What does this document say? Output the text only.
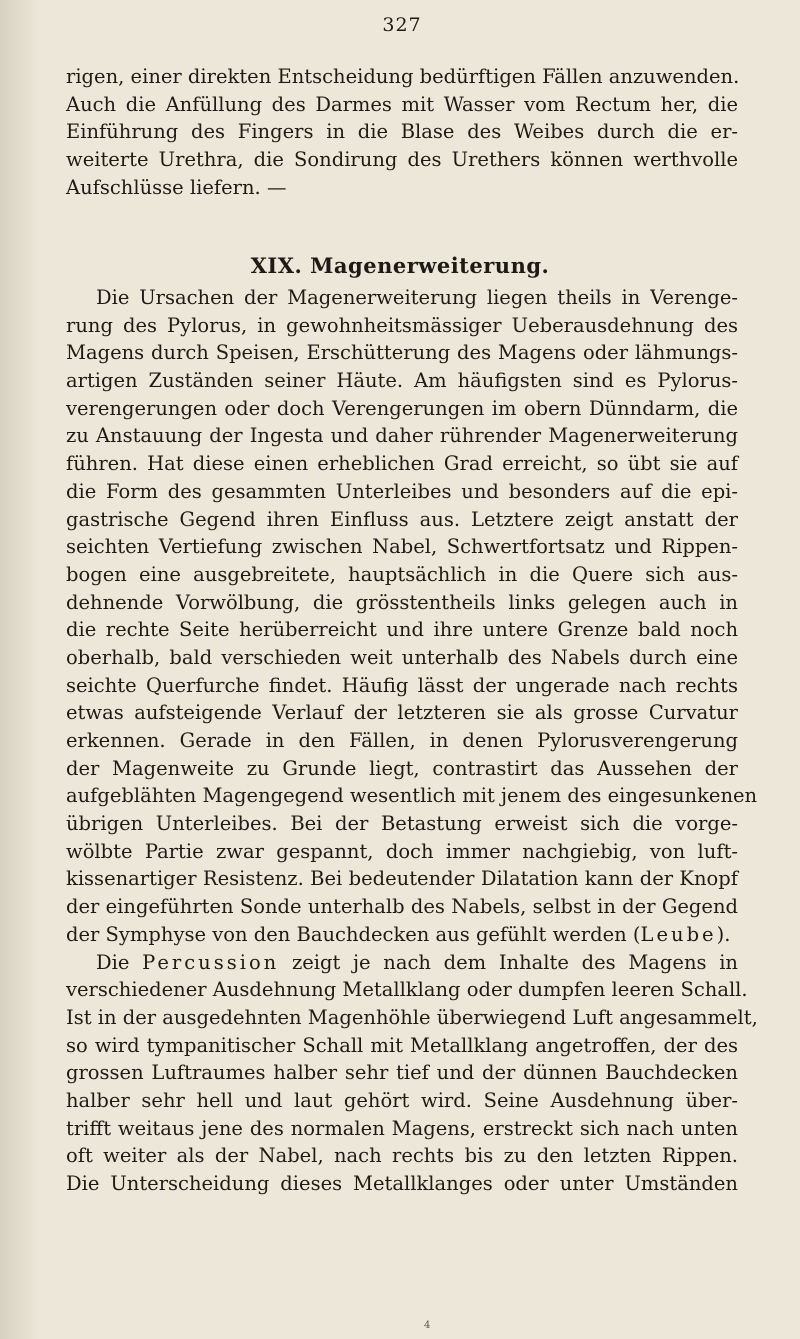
327
rigen, einer direkten Entscheidung bedürftigen Fällen anzuwenden.
Auch die Anfüllung des Darmes mit Wasser vom Rectum her, die
Einführung des Fingers in die Blase des Weibes durch die er-
weiterte Urethra, die Sondirung des Urethers können werthvolle
Aufschlüsse liefern. —
XIX. Magenerweiterung.
Die Ursachen der Magenerweiterung liegen theils in Verenge-
rung des Pylorus, in gewohnheitsmässiger Ueberausdehnung des
Magens durch Speisen, Erschütterung des Magens oder lähmungs-
artigen Zuständen seiner Häute. Am häufigsten sind es Pylorus-
verengerungen oder doch Verengerungen im obern Dünndarm, die
zu Anstauung der Ingesta und daher rührender Magenerweiterung
führen. Hat diese einen erheblichen Grad erreicht, so übt sie auf
die Form des gesammten Unterleibes und besonders auf die epi-
gastrische Gegend ihren Einfluss aus. Letztere zeigt anstatt der
seichten Vertiefung zwischen Nabel, Schwertfortsatz und Rippen-
bogen eine ausgebreitete, hauptsächlich in die Quere sich aus-
dehnende Vorwölbung, die grösstentheils links gelegen auch in
die rechte Seite herüberreicht und ihre untere Grenze bald noch
oberhalb, bald verschieden weit unterhalb des Nabels durch eine
seichte Querfurche findet. Häufig lässt der ungerade nach rechts
etwas aufsteigende Verlauf der letzteren sie als grosse Curvatur
erkennen. Gerade in den Fällen, in denen Pylorusverengerung
der Magenweite zu Grunde liegt, contrastirt das Aussehen der
aufgeblähten Magengegend wesentlich mit jenem des eingesunkenen
übrigen Unterleibes. Bei der Betastung erweist sich die vorge-
wölbte Partie zwar gespannt, doch immer nachgiebig, von luft-
kissenartiger Resistenz. Bei bedeutender Dilatation kann der Knopf
der eingeführten Sonde unterhalb des Nabels, selbst in der Gegend
der Symphyse von den Bauchdecken aus gefühlt werden (Leube).
Die Percussion zeigt je nach dem Inhalte des Magens in
verschiedener Ausdehnung Metallklang oder dumpfen leeren Schall.
Ist in der ausgedehnten Magenhöhle überwiegend Luft angesammelt,
so wird tympanitischer Schall mit Metallklang angetroffen, der des
grossen Luftraumes halber sehr tief und der dünnen Bauchdecken
halber sehr hell und laut gehört wird. Seine Ausdehnung über-
trifft weitaus jene des normalen Magens, erstreckt sich nach unten
oft weiter als der Nabel, nach rechts bis zu den letzten Rippen.
Die Unterscheidung dieses Metallklanges oder unter Umständen
4
